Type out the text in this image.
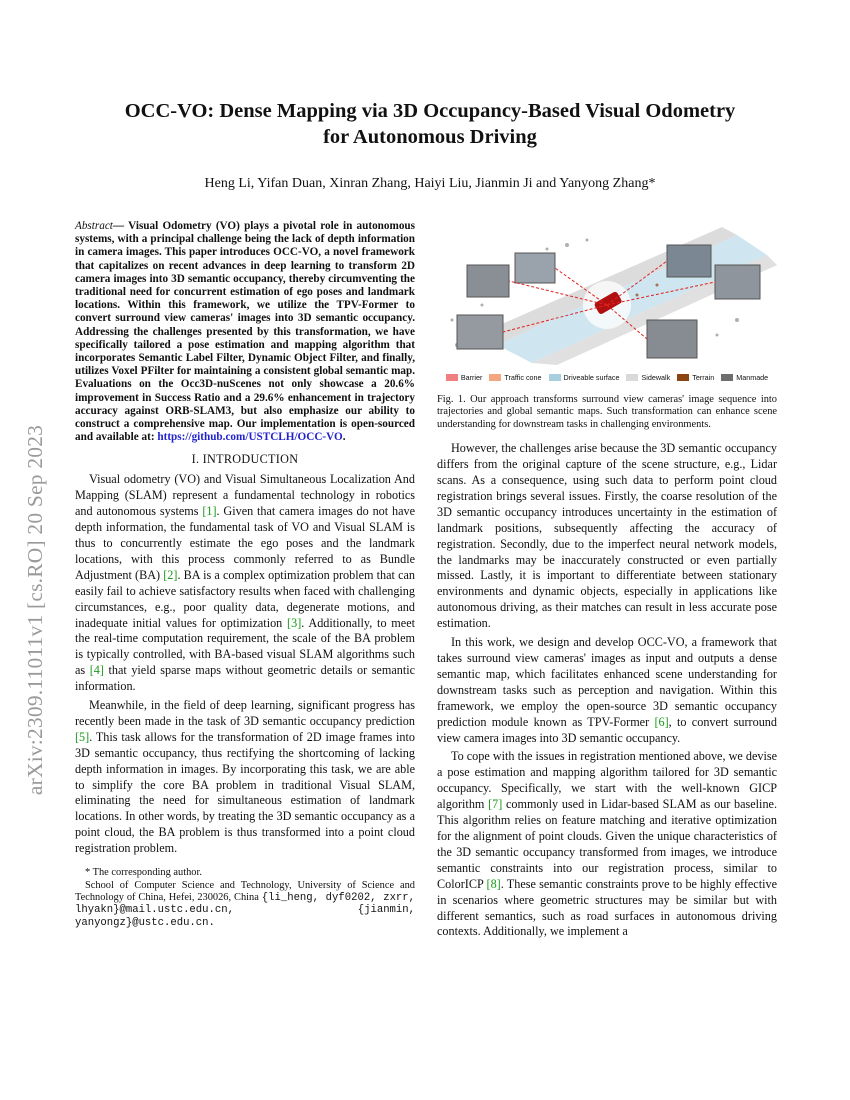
arXiv:2309.11011v1 [cs.RO] 20 Sep 2023
OCC-VO: Dense Mapping via 3D Occupancy-Based Visual Odometry
for Autonomous Driving
Heng Li, Yifan Duan, Xinran Zhang, Haiyi Liu, Jianmin Ji and Yanyong Zhang*
Abstract— Visual Odometry (VO) plays a pivotal role in autonomous systems, with a principal challenge being the lack of depth information in camera images. This paper introduces OCC-VO, a novel framework that capitalizes on recent advances in deep learning to transform 2D camera images into 3D semantic occupancy, thereby circumventing the traditional need for concurrent estimation of ego poses and landmark locations. Within this framework, we utilize the TPV-Former to convert surround view cameras' images into 3D semantic occupancy. Addressing the challenges presented by this transformation, we have specifically tailored a pose estimation and mapping algorithm that incorporates Semantic Label Filter, Dynamic Object Filter, and finally, utilizes Voxel PFilter for maintaining a consistent global semantic map. Evaluations on the Occ3D-nuScenes not only showcase a 20.6% improvement in Success Ratio and a 29.6% enhancement in trajectory accuracy against ORB-SLAM3, but also emphasize our ability to construct a comprehensive map. Our implementation is open-sourced and available at: https://github.com/USTCLH/OCC-VO.
I. INTRODUCTION

Visual odometry (VO) and Visual Simultaneous Localization And Mapping (SLAM) represent a fundamental technology in robotics and autonomous systems [1]. Given that camera images do not have depth information, the fundamental task of VO and Visual SLAM is thus to concurrently estimate the ego poses and the landmark locations, with this process commonly referred to as Bundle Adjustment (BA) [2]. BA is a complex optimization problem that can easily fail to achieve satisfactory results when faced with challenging circumstances, e.g., poor quality data, degenerate motions, and inadequate initial values for optimization [3]. Additionally, to meet the real-time computation requirement, the scale of the BA problem is typically controlled, with BA-based visual SLAM algorithms such as [4] that yield sparse maps without geometric details or semantic information.

Meanwhile, in the field of deep learning, significant progress has recently been made in the task of 3D semantic occupancy prediction [5]. This task allows for the transformation of 2D image frames into 3D semantic occupancy, thus rectifying the shortcoming of lacking depth information in images. By incorporating this task, we are able to simplify the core BA problem in traditional Visual SLAM, eliminating the need for simultaneous estimation of landmark locations. In other words, by treating the 3D semantic occupancy as a point cloud, the BA problem is thus transformed into a point cloud registration problem.

* The corresponding author.
School of Computer Science and Technology, University of Science and Technology of China, Hefei, 230026, China {li_heng, dyf0202, zxrr, lhyakn}@mail.ustc.edu.cn, {jianmin, yanyongz}@ustc.edu.cn.
Barrier	Traffic cone	Driveable surface	Sidewalk	Terrain	Manmade
Fig. 1. Our approach transforms surround view cameras' image sequence into trajectories and global semantic maps. Such transformation can enhance scene understanding for downstream tasks in challenging environments.

However, the challenges arise because the 3D semantic occupancy differs from the original capture of the scene structure, e.g., Lidar scans. As a consequence, using such data to perform point cloud registration brings several issues. Firstly, the coarse resolution of the 3D semantic occupancy introduces uncertainty in the estimation of landmark positions, subsequently affecting the accuracy of registration. Secondly, due to the imperfect neural network models, the landmarks may be inaccurately constructed or even partially missed. Lastly, it is important to differentiate between stationary environments and dynamic objects, especially in applications like autonomous driving, as their matches can result in less accurate pose estimation.

In this work, we design and develop OCC-VO, a framework that takes surround view cameras' images as input and outputs a dense semantic map, which facilitates enhanced scene understanding for downstream tasks such as perception and navigation. Within this framework, we employ the open-source 3D semantic occupancy prediction module known as TPV-Former [6], to convert surround view camera images into 3D semantic occupancy.

To cope with the issues in registration mentioned above, we devise a pose estimation and mapping algorithm tailored for 3D semantic occupancy. Specifically, we start with the well-known GICP algorithm [7] commonly used in Lidar-based SLAM as our baseline. This algorithm relies on feature matching and iterative optimization for the alignment of point clouds. Given the unique characteristics of the 3D semantic occupancy transformed from images, we introduce semantic constraints into our registration process, similar to ColorICP [8]. These semantic constraints prove to be highly effective in scenarios where geometric structures may be similar but with different semantics, such as road surfaces in autonomous driving contexts. Additionally, we implement a
